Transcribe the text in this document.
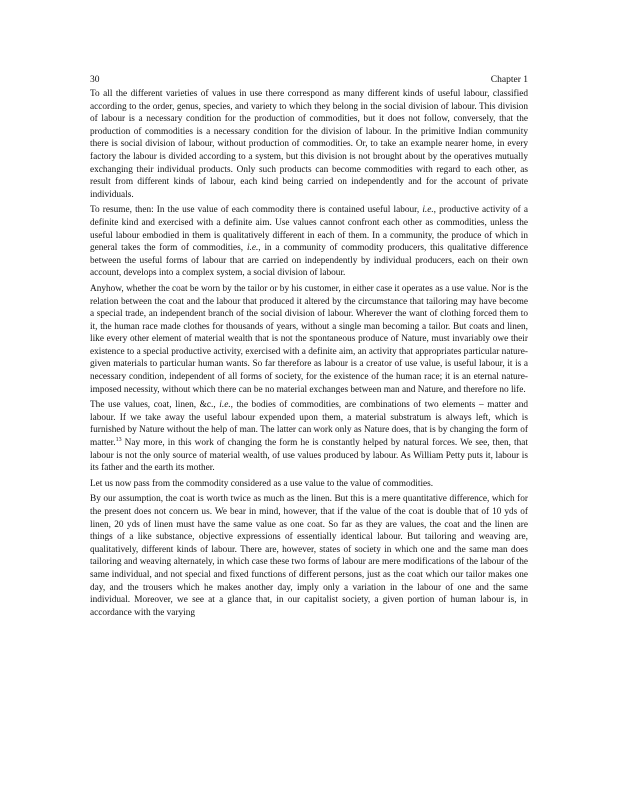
30	Chapter 1

To all the different varieties of values in use there correspond as many different kinds of useful labour, classified according to the order, genus, species, and variety to which they belong in the social division of labour. This division of labour is a necessary condition for the production of commodities, but it does not follow, conversely, that the production of commodities is a necessary condition for the division of labour. In the primitive Indian community there is social division of labour, without production of commodities. Or, to take an example nearer home, in every factory the labour is divided according to a system, but this division is not brought about by the operatives mutually exchanging their individual products. Only such products can become commodities with regard to each other, as result from different kinds of labour, each kind being carried on independently and for the account of private individuals.

To resume, then: In the use value of each commodity there is contained useful labour, i.e., productive activity of a definite kind and exercised with a definite aim. Use values cannot confront each other as commodities, unless the useful labour embodied in them is qualitatively different in each of them. In a community, the produce of which in general takes the form of commodities, i.e., in a community of commodity producers, this qualitative difference between the useful forms of labour that are carried on independently by individual producers, each on their own account, develops into a complex system, a social division of labour.

Anyhow, whether the coat be worn by the tailor or by his customer, in either case it operates as a use value. Nor is the relation between the coat and the labour that produced it altered by the circumstance that tailoring may have become a special trade, an independent branch of the social division of labour. Wherever the want of clothing forced them to it, the human race made clothes for thousands of years, without a single man becoming a tailor. But coats and linen, like every other element of material wealth that is not the spontaneous produce of Nature, must invariably owe their existence to a special productive activity, exercised with a definite aim, an activity that appropriates particular nature-given materials to particular human wants. So far therefore as labour is a creator of use value, is useful labour, it is a necessary condition, independent of all forms of society, for the existence of the human race; it is an eternal nature-imposed necessity, without which there can be no material exchanges between man and Nature, and therefore no life.

The use values, coat, linen, &c., i.e., the bodies of commodities, are combinations of two elements – matter and labour. If we take away the useful labour expended upon them, a material substratum is always left, which is furnished by Nature without the help of man. The latter can work only as Nature does, that is by changing the form of matter.$^{13}$ Nay more, in this work of changing the form he is constantly helped by natural forces. We see, then, that labour is not the only source of material wealth, of use values produced by labour. As William Petty puts it, labour is its father and the earth its mother.

Let us now pass from the commodity considered as a use value to the value of commodities.

By our assumption, the coat is worth twice as much as the linen. But this is a mere quantitative difference, which for the present does not concern us. We bear in mind, however, that if the value of the coat is double that of 10 yds of linen, 20 yds of linen must have the same value as one coat. So far as they are values, the coat and the linen are things of a like substance, objective expressions of essentially identical labour. But tailoring and weaving are, qualitatively, different kinds of labour. There are, however, states of society in which one and the same man does tailoring and weaving alternately, in which case these two forms of labour are mere modifications of the labour of the same individual, and not special and fixed functions of different persons, just as the coat which our tailor makes one day, and the trousers which he makes another day, imply only a variation in the labour of one and the same individual. Moreover, we see at a glance that, in our capitalist society, a given portion of human labour is, in accordance with the varying
